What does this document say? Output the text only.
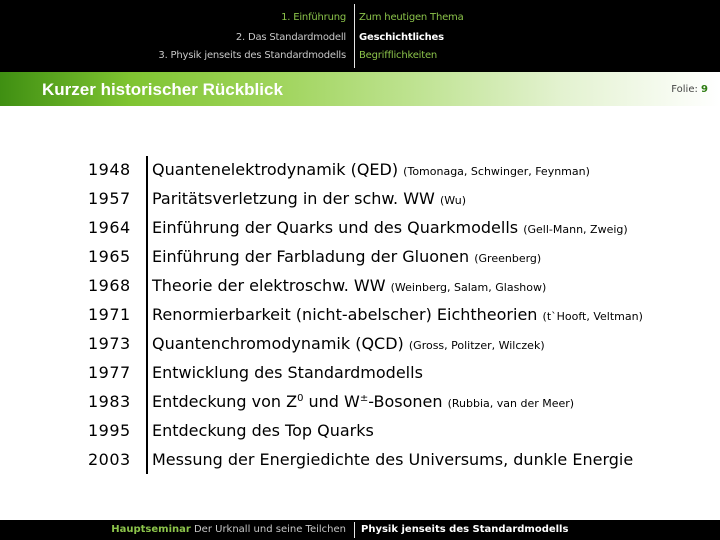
1. Einführung
2. Das Standardmodell
3. Physik jenseits des Standardmodells
Zum heutigen Thema
Geschichtliches
Begrifflichkeiten
Kurzer historischer Rückblick	Folie: 9
1948	Quantenelektrodynamik (QED) (Tomonaga, Schwinger, Feynman)
1957	Paritätsverletzung in der schw. WW (Wu)
1964	Einführung der Quarks und des Quarkmodells (Gell-Mann, Zweig)
1965	Einführung der Farbladung der Gluonen (Greenberg)
1968	Theorie der elektroschw. WW (Weinberg, Salam, Glashow)
1971	Renormierbarkeit (nicht-abelscher) Eichtheorien (t`Hooft, Veltman)
1973	Quantenchromodynamik (QCD) (Gross, Politzer, Wilczek)
1977	Entwicklung des Standardmodells
1983	Entdeckung von $Z^0$ und W±-Bosonen (Rubbia, van der Meer)
1995	Entdeckung des Top Quarks
2003	Messung der Energiedichte des Universums, dunkle Energie
Hauptseminar Der Urknall und seine Teilchen Physik jenseits des Standardmodells
